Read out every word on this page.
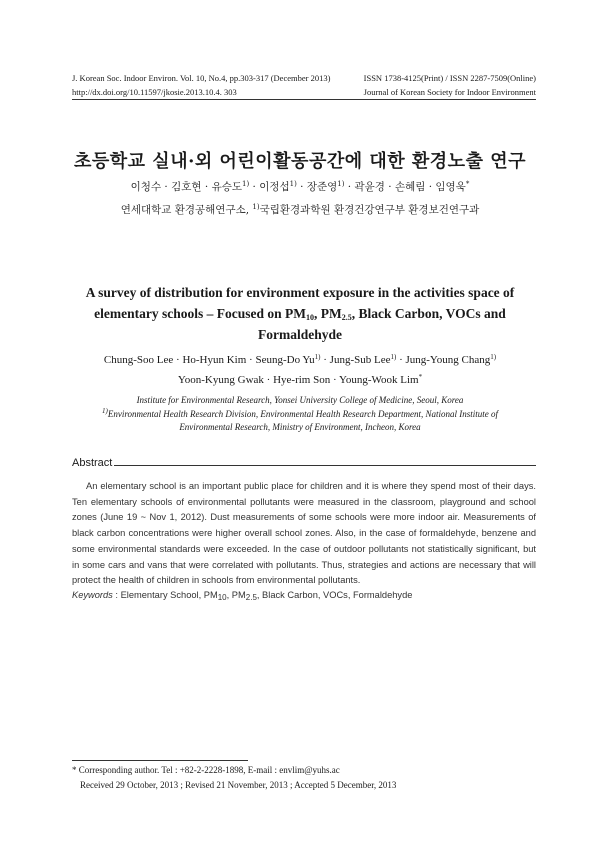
J. Korean Soc. Indoor Environ. Vol. 10, No.4, pp.303-317 (December 2013)	ISSN 1738-4125(Print) / ISSN 2287-7509(Online)
http://dx.doi.org/10.11597/jkosie.2013.10.4. 303	Journal of Korean Society for Indoor Environment
초등학교 실내·외 어린이활동공간에 대한 환경노출 연구
이청수 · 김호현 · 유승도$^{1)}$ · 이정섭$^{1)}$ · 장준영$^{1)}$ · 곽윤경 · 손혜림 · 임영욱*
연세대학교 환경공해연구소, $^{1)}$국립환경과학원 환경건강연구부 환경보건연구과
A survey of distribution for environment exposure in the activities space of elementary schools – Focused on $PM_{10}$, $PM_{2.5}$, Black Carbon, VOCs and Formaldehyde
Chung-Soo Lee · Ho-Hyun Kim · Seung-Do $Yu^{1)}$ · Jung-Sub Lee$^{1)}$ · Jung-Young Chang$^{1)}$
Yoon-Kyung Gwak · Hye-rim Son · Young-Wook Lim*
Institute for Environmental Research, Yonsei University College of Medicine, Seoul, Korea
$^{1)}$Environmental Health Research Division, Environmental Health Research Department, National Institute of
Environmental Research, Ministry of Environment, Incheon, Korea
Abstract

An elementary school is an important public place for children and it is where they spend most of their days. Ten elementary schools of environmental pollutants were measured in the classroom, playground and school zones (June 19 ~ Nov 1, 2012). Dust measurements of some schools were more indoor air. Measurements of black carbon concentrations were higher overall school zones. Also, in the case of formaldehyde, benzene and some environmental standards were exceeded. In the case of outdoor pollutants not statistically significant, but in some cars and vans that were correlated with pollutants. Thus, strategies and actions are necessary that will protect the health of children in schools from environmental pollutants.

Keywords : Elementary School, $PM_{10}$, $PM_{2.5}$, Black Carbon, VOCs, Formaldehyde
* Corresponding author. Tel : +82-2-2228-1898, E-mail : envlim@yuhs.ac
Received 29 October, 2013 ; Revised 21 November, 2013 ; Accepted 5 December, 2013
